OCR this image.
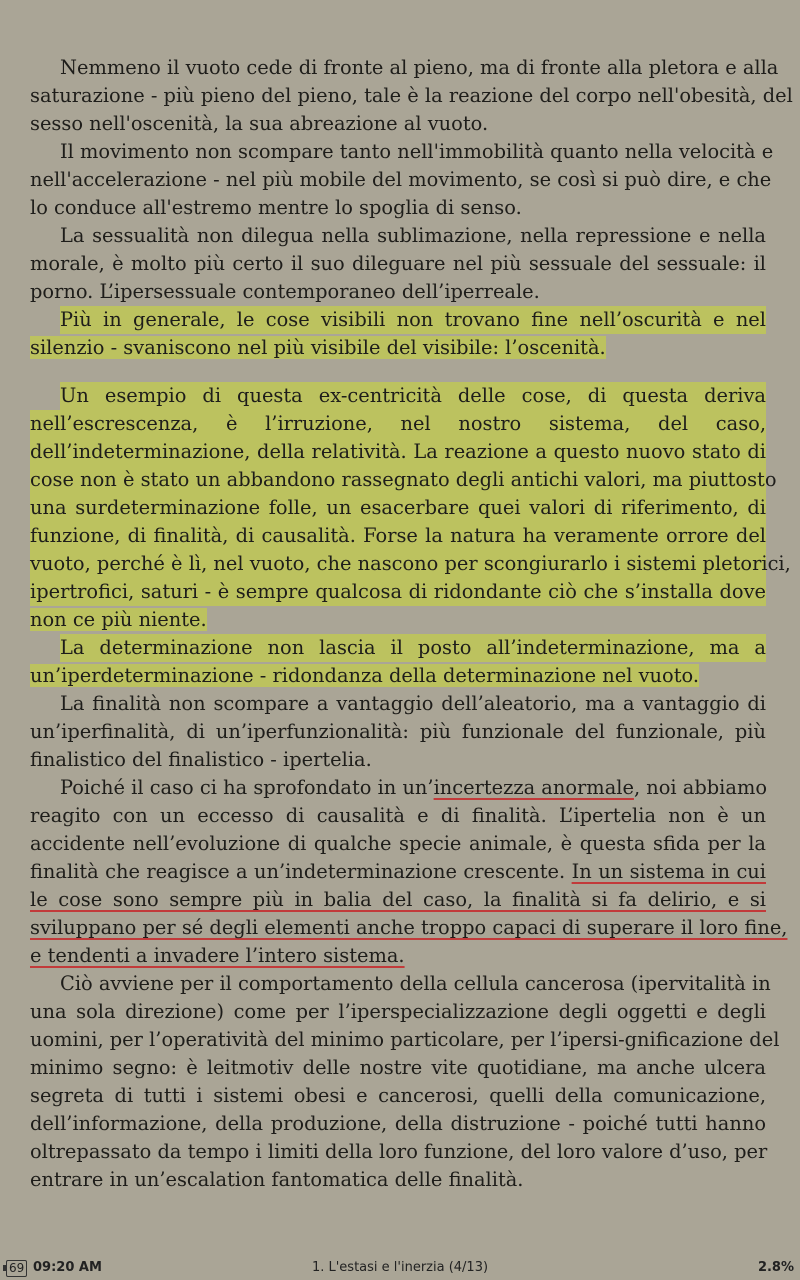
Nemmeno il vuoto cede di fronte al pieno, ma di fronte alla pletora e alla
saturazione - più pieno del pieno, tale è la reazione del corpo nell'obesità, del
sesso nell'oscenità, la sua abreazione al vuoto.
Il movimento non scompare tanto nell'immobilità quanto nella velocità e
nell'accelerazione - nel più mobile del movimento, se così si può dire, e che
lo conduce all'estremo mentre lo spoglia di senso.
La sessualità non dilegua nella sublimazione, nella repressione e nella
morale, è molto più certo il suo dileguare nel più sessuale del sessuale: il
porno. L’ipersessuale contemporaneo dell’iperreale.
Più in generale, le cose visibili non trovano fine nell’oscurità e nel
silenzio - svaniscono nel più visibile del visibile: l’oscenità.
Un esempio di questa ex-centricità delle cose, di questa deriva
nell’escrescenza, è l’irruzione, nel nostro sistema, del caso,
dell’indeterminazione, della relatività. La reazione a questo nuovo stato di
cose non è stato un abbandono rassegnato degli antichi valori, ma piuttosto
una surdeterminazione folle, un esacerbare quei valori di riferimento, di
funzione, di finalità, di causalità. Forse la natura ha veramente orrore del
vuoto, perché è lì, nel vuoto, che nascono per scongiurarlo i sistemi pletorici,
ipertrofici, saturi - è sempre qualcosa di ridondante ciò che s’installa dove
non ce più niente.
La determinazione non lascia il posto all’indeterminazione, ma a
un’iperdeterminazione - ridondanza della determinazione nel vuoto.
La finalità non scompare a vantaggio dell’aleatorio, ma a vantaggio di
un’iperfinalità, di un’iperfunzionalità: più funzionale del funzionale, più
finalistico del finalistico - ipertelia.
Poiché il caso ci ha sprofondato in un’incertezza anormale, noi abbiamo
reagito con un eccesso di causalità e di finalità. L’ipertelia non è un
accidente nell’evoluzione di qualche specie animale, è questa sfida per la
finalità che reagisce a un’indeterminazione crescente. In un sistema in cui
le cose sono sempre più in balia del caso, la finalità si fa delirio, e si
sviluppano per sé degli elementi anche troppo capaci di superare il loro fine,
e tendenti a invadere l’intero sistema.
Ciò avviene per il comportamento della cellula cancerosa (ipervitalità in
una sola direzione) come per l’iperspecializzazione degli oggetti e degli
uomini, per l’operatività del minimo particolare, per l’ipersi-gnificazione del
minimo segno: è leitmotiv delle nostre vite quotidiane, ma anche ulcera
segreta di tutti i sistemi obesi e cancerosi, quelli della comunicazione,
dell’informazione, della produzione, della distruzione - poiché tutti hanno
oltrepassato da tempo i limiti della loro funzione, del loro valore d’uso, per
entrare in un’escalation fantomatica delle finalità.
69 09:20 AM	1. L'estasi e l'inerzia (4/13)	2.8%
